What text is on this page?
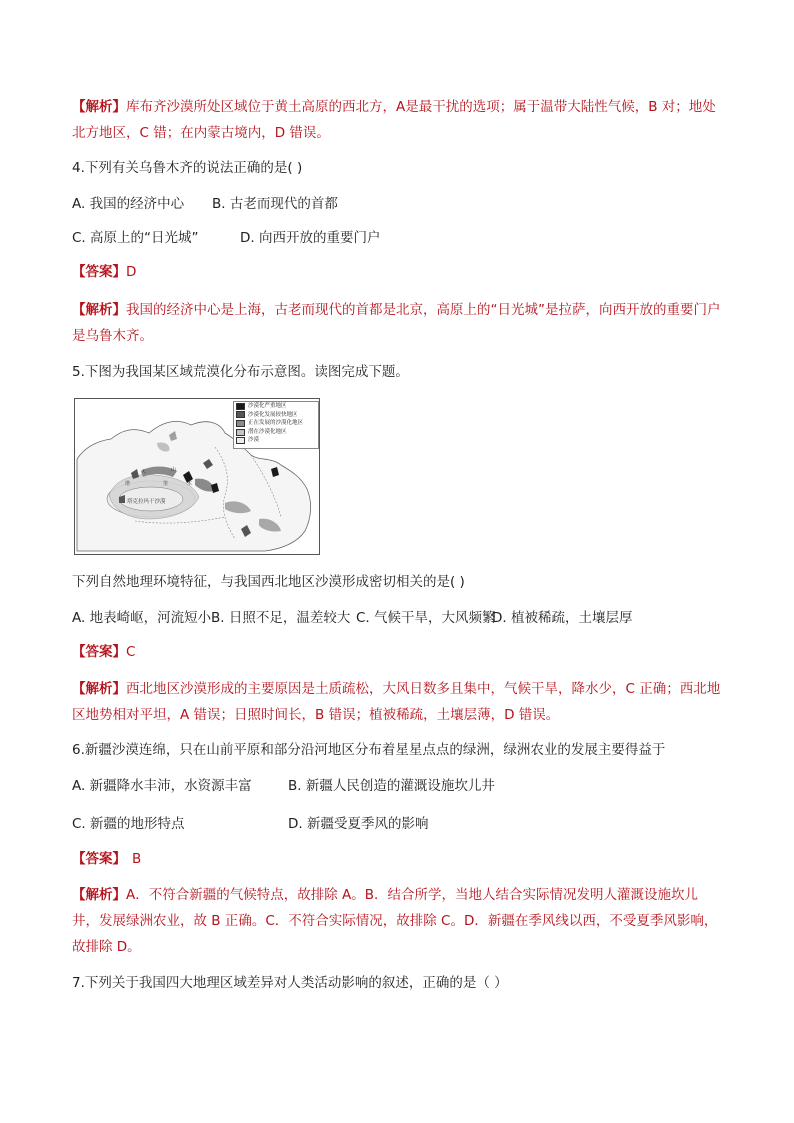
【解析】库布齐沙漠所处区域位于黄土高原的西北方，A是最干扰的选项；属于温带大陆性气候，B 对；地处北方地区，C 错；在内蒙古境内，D 错误。
4.下列有关乌鲁木齐的说法正确的是( )
A. 我国的经济中心 B. 古老而现代的首都
C. 高原上的“日光城”	D. 向西开放的重要门户
【答案】D
【解析】我国的经济中心是上海，古老而现代的首都是北京，高原上的“日光城”是拉萨，向西开放的重要门户是乌鲁木齐。
5.下图为我国某区域荒漠化分布示意图。读图完成下题。
天	山
塔	里	木
塔克拉玛干沙漠
沙漠化严重地区
沙漠化发展较快地区
正在发展的沙漠化地区
潜在沙漠化地区
沙漠
下列自然地理环境特征，与我国西北地区沙漠形成密切相关的是( )
A. 地表崎岖，河流短小 B. 日照不足，温差较大 C. 气候干旱，大风频繁
D. 植被稀疏，土壤层厚
【答案】C
【解析】西北地区沙漠形成的主要原因是土质疏松，大风日数多且集中，气候干旱，降水少，C 正确；西北地区地势相对平坦，A 错误；日照时间长，B 错误；植被稀疏，土壤层薄，D 错误。
6.新疆沙漠连绵，只在山前平原和部分沿河地区分布着星星点点的绿洲，绿洲农业的发展主要得益于
A. 新疆降水丰沛，水资源丰富	B. 新疆人民创造的灌溉设施坎儿井
C. 新疆的地形特点	D. 新疆受夏季风的影响
【答案】 B
【解析】A．不符合新疆的气候特点，故排除 A。B．结合所学，当地人结合实际情况发明人灌溉设施坎儿井，发展绿洲农业，故 B 正确。C．不符合实际情况，故排除 C。D．新疆在季风线以西，不受夏季风影响，故排除 D。
7.下列关于我国四大地理区域差异对人类活动影响的叙述，正确的是（ ）
